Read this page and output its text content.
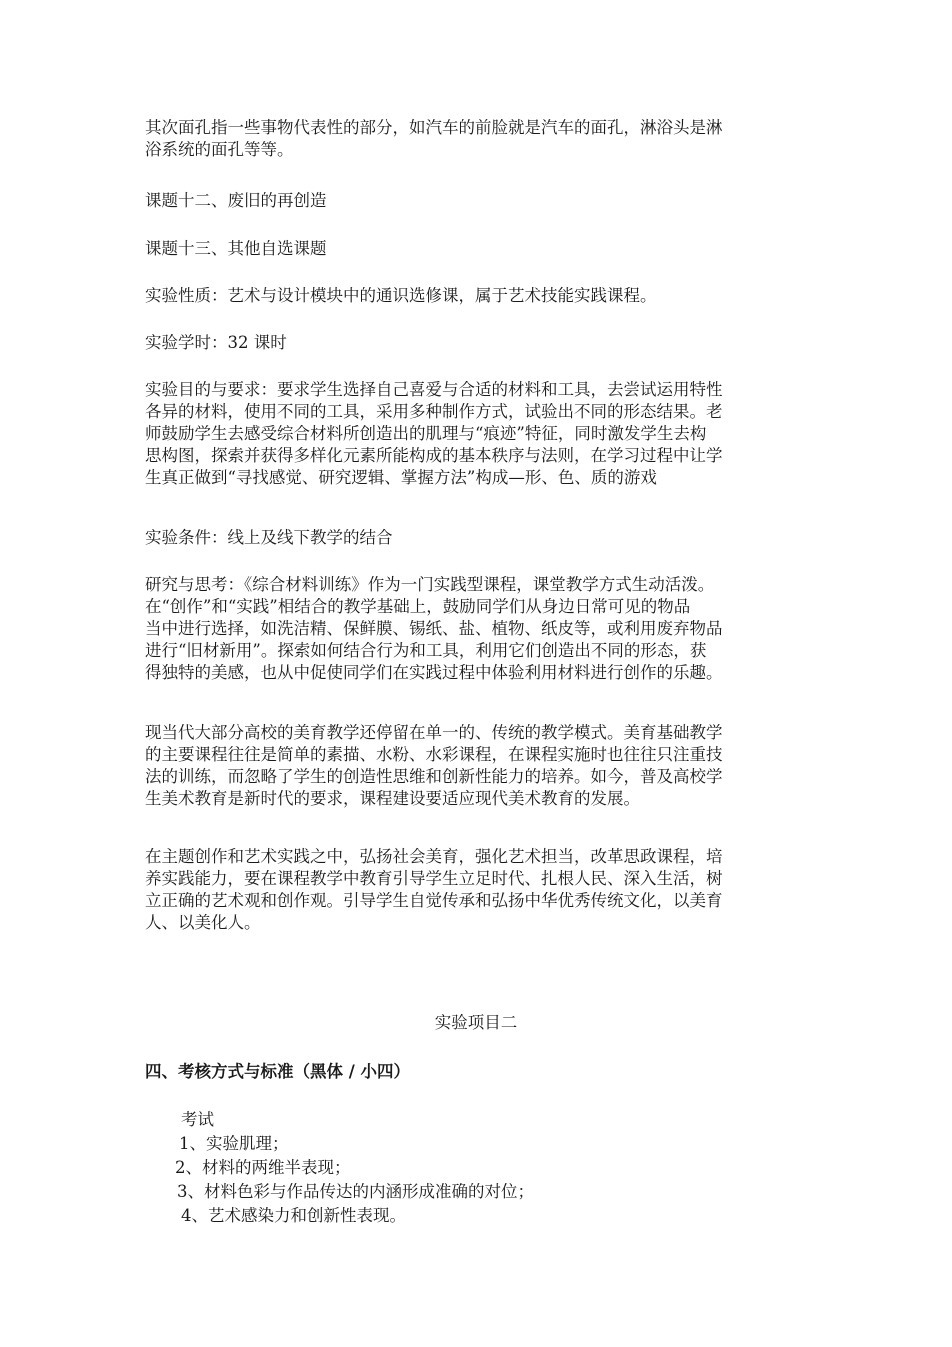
其次面孔指一些事物代表性的部分，如汽车的前脸就是汽车的面孔，淋浴头是淋
浴系统的面孔等等。

课题十二、废旧的再创造

课题十三、其他自选课题

实验性质：艺术与设计模块中的通识选修课，属于艺术技能实践课程。

实验学时：32 课时

实验目的与要求：要求学生选择自己喜爱与合适的材料和工具，去尝试运用特性
各异的材料，使用不同的工具，采用多种制作方式，试验出不同的形态结果。老
师鼓励学生去感受综合材料所创造出的肌理与“痕迹”特征，同时激发学生去构
思构图，探索并获得多样化元素所能构成的基本秩序与法则，在学习过程中让学
生真正做到“寻找感觉、研究逻辑、掌握方法”构成—形、色、质的游戏

实验条件：线上及线下教学的结合

研究与思考：《综合材料训练》作为一门实践型课程，课堂教学方式生动活泼。
在“创作”和“实践”相结合的教学基础上，鼓励同学们从身边日常可见的物品
当中进行选择，如洗洁精、保鲜膜、锡纸、盐、植物、纸皮等，或利用废弃物品
进行“旧材新用”。探索如何结合行为和工具，利用它们创造出不同的形态，获
得独特的美感，也从中促使同学们在实践过程中体验利用材料进行创作的乐趣。

现当代大部分高校的美育教学还停留在单一的、传统的教学模式。美育基础教学
的主要课程往往是简单的素描、水粉、水彩课程，在课程实施时也往往只注重技
法的训练，而忽略了学生的创造性思维和创新性能力的培养。如今，普及高校学
生美术教育是新时代的要求，课程建设要适应现代美术教育的发展。

在主题创作和艺术实践之中，弘扬社会美育，强化艺术担当，改革思政课程，培
养实践能力，要在课程教学中教育引导学生立足时代、扎根人民、深入生活，树
立正确的艺术观和创作观。引导学生自觉传承和弘扬中华优秀传统文化，以美育
人、以美化人。

实验项目二

四、考核方式与标准（黑体 / 小四）

考试
1、实验肌理；
2、材料的两维半表现；
3、材料色彩与作品传达的内涵形成准确的对位；
4、艺术感染力和创新性表现。
